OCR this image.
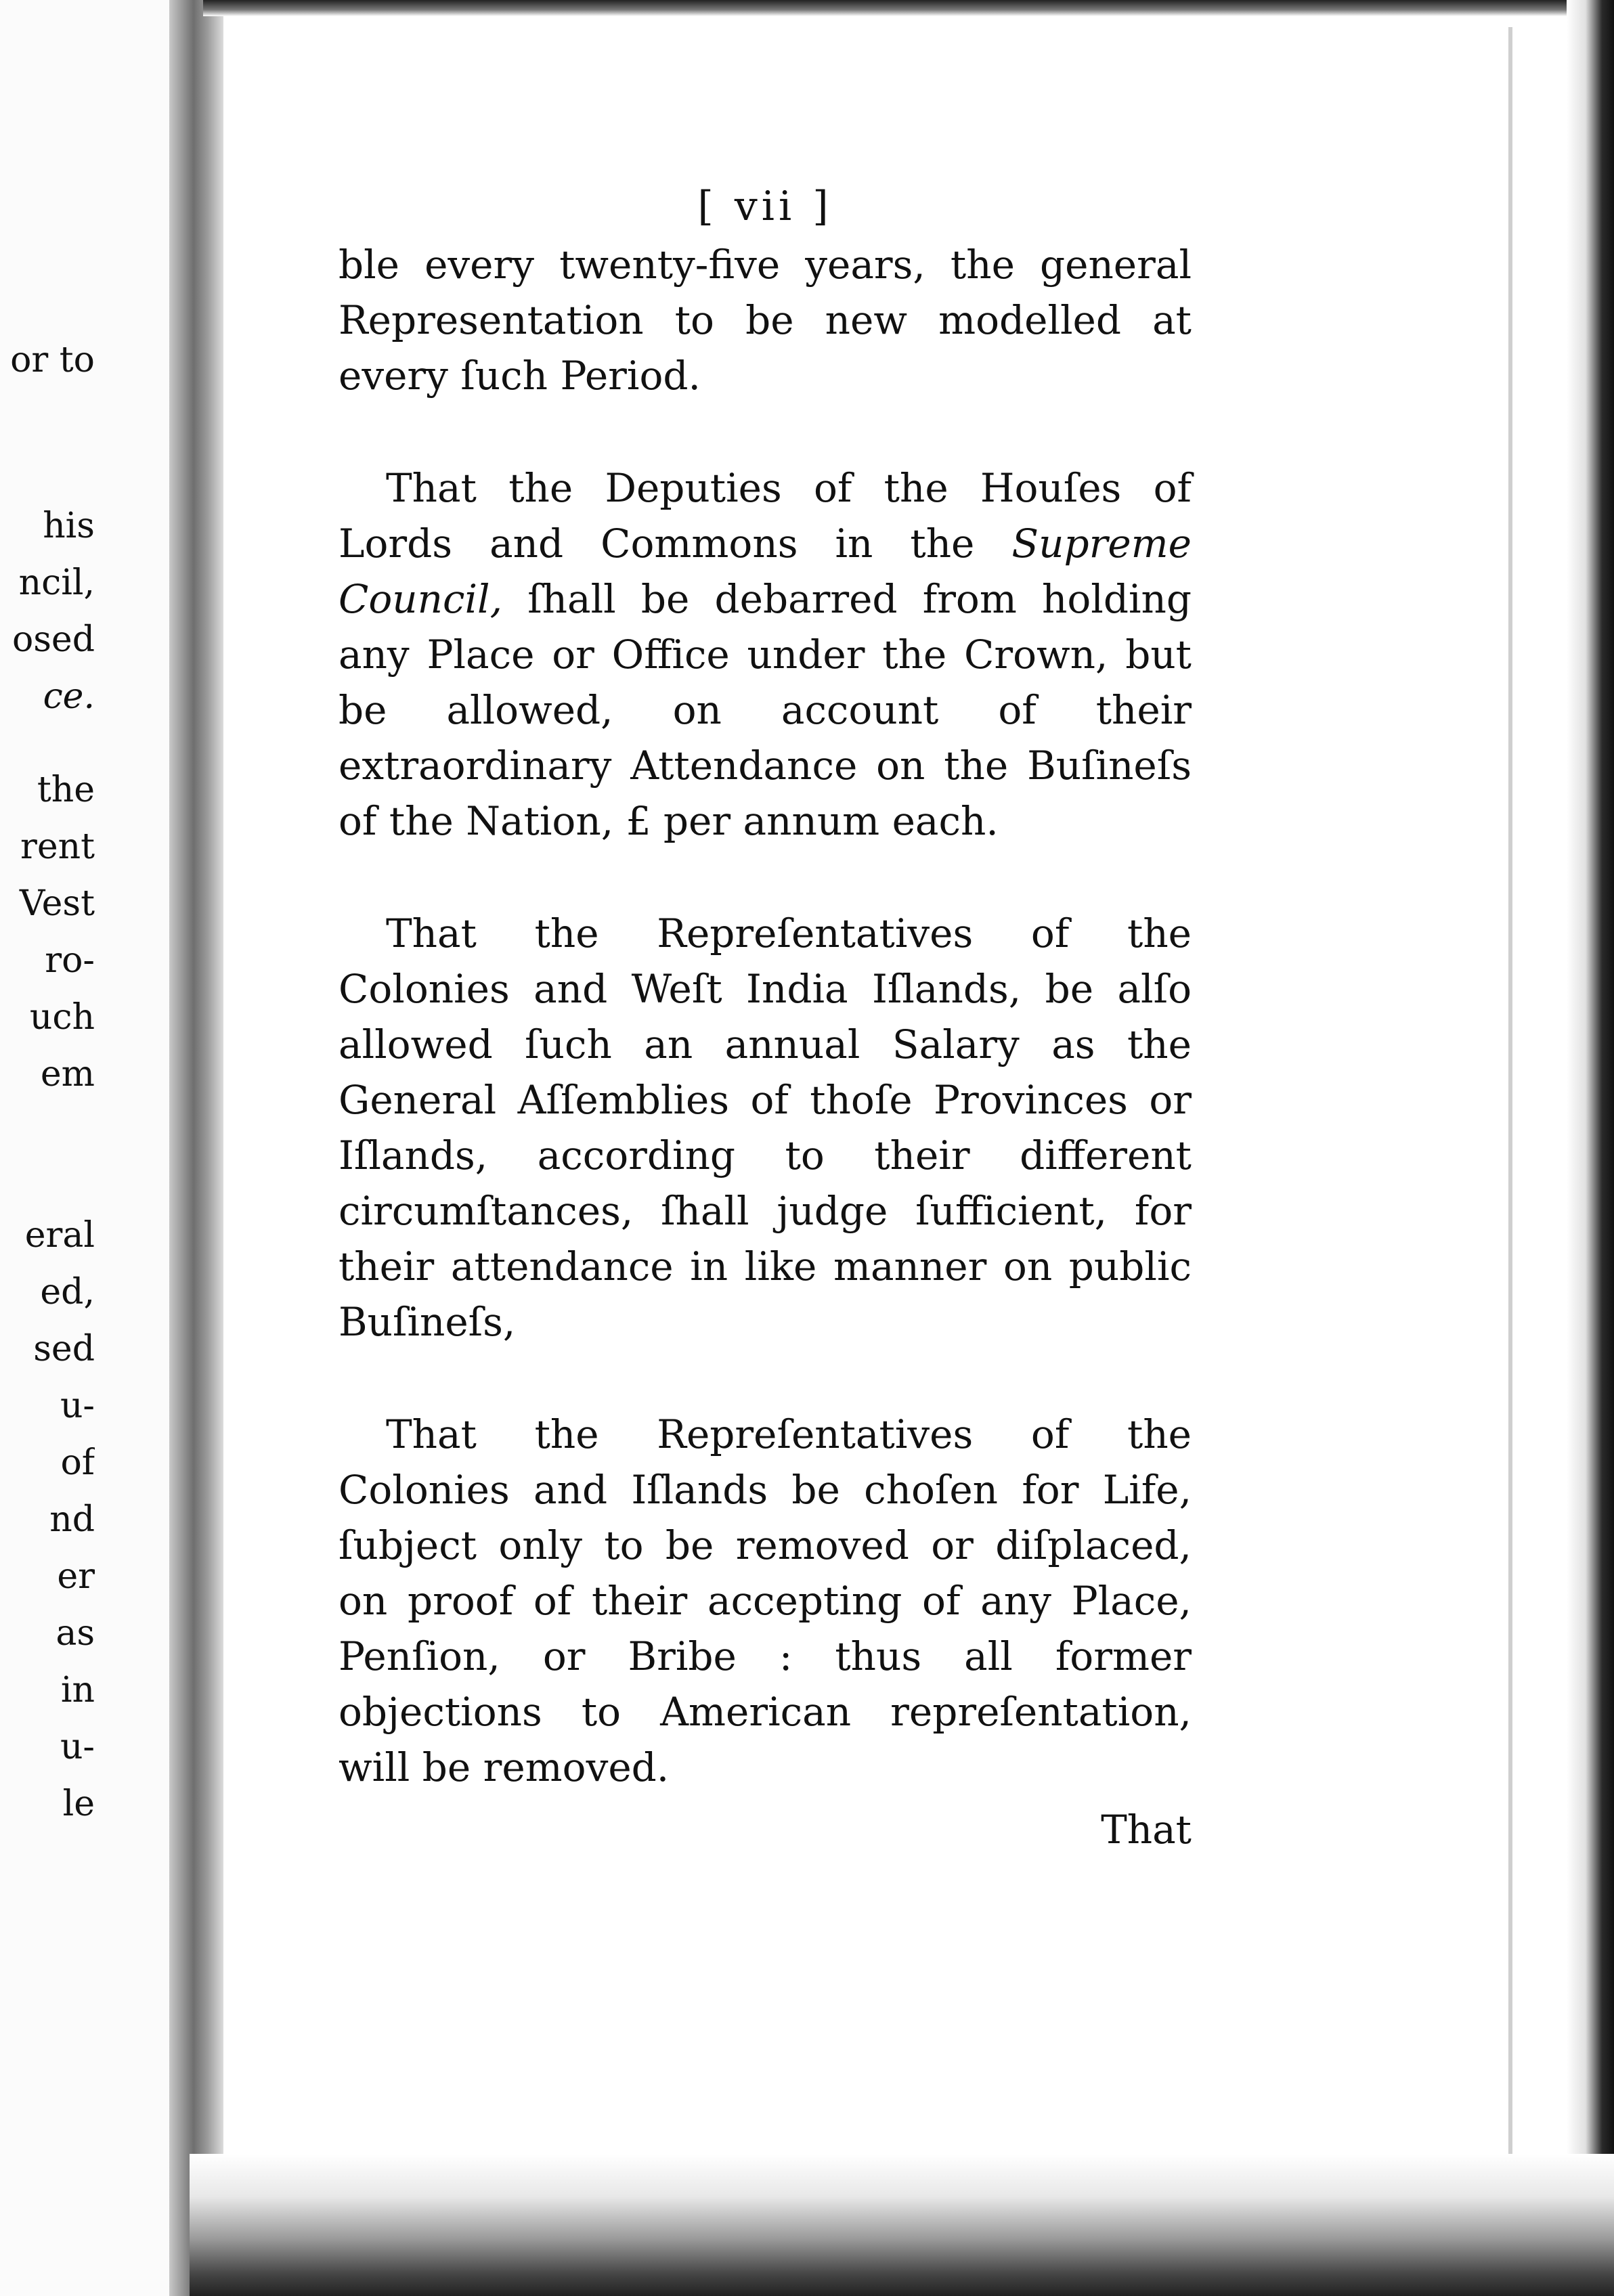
or to
his
ncil,
osed
ce.
the
rent
Vest
ro-
uch
em
eral
ed,
sed
u-
of
nd
er
as
in
u-
le
[ vii ]

ble every twenty-five years, the general Representation to be new modelled at every ſuch Period.

That the Deputies of the Houſes of Lords and Commons in the Supreme Council, ſhall be debarred from holding any Place or Office under the Crown, but be allowed, on account of their extraordinary Attendance on the Buſineſs of the Nation, £ per annum each.

That the Repreſentatives of the Colonies and Weſt India Iſlands, be alſo allowed ſuch an annual Salary as the General Aſſemblies of thoſe Provinces or Iſlands, according to their different circumſtances, ſhall judge ſufficient, for their attendance in like manner on public Buſineſs,

That the Repreſentatives of the Colonies and Iſlands be choſen for Life, ſubject only to be removed or diſplaced, on proof of their accepting of any Place, Penſion, or Bribe : thus all former objections to American repreſentation, will be removed.

That
